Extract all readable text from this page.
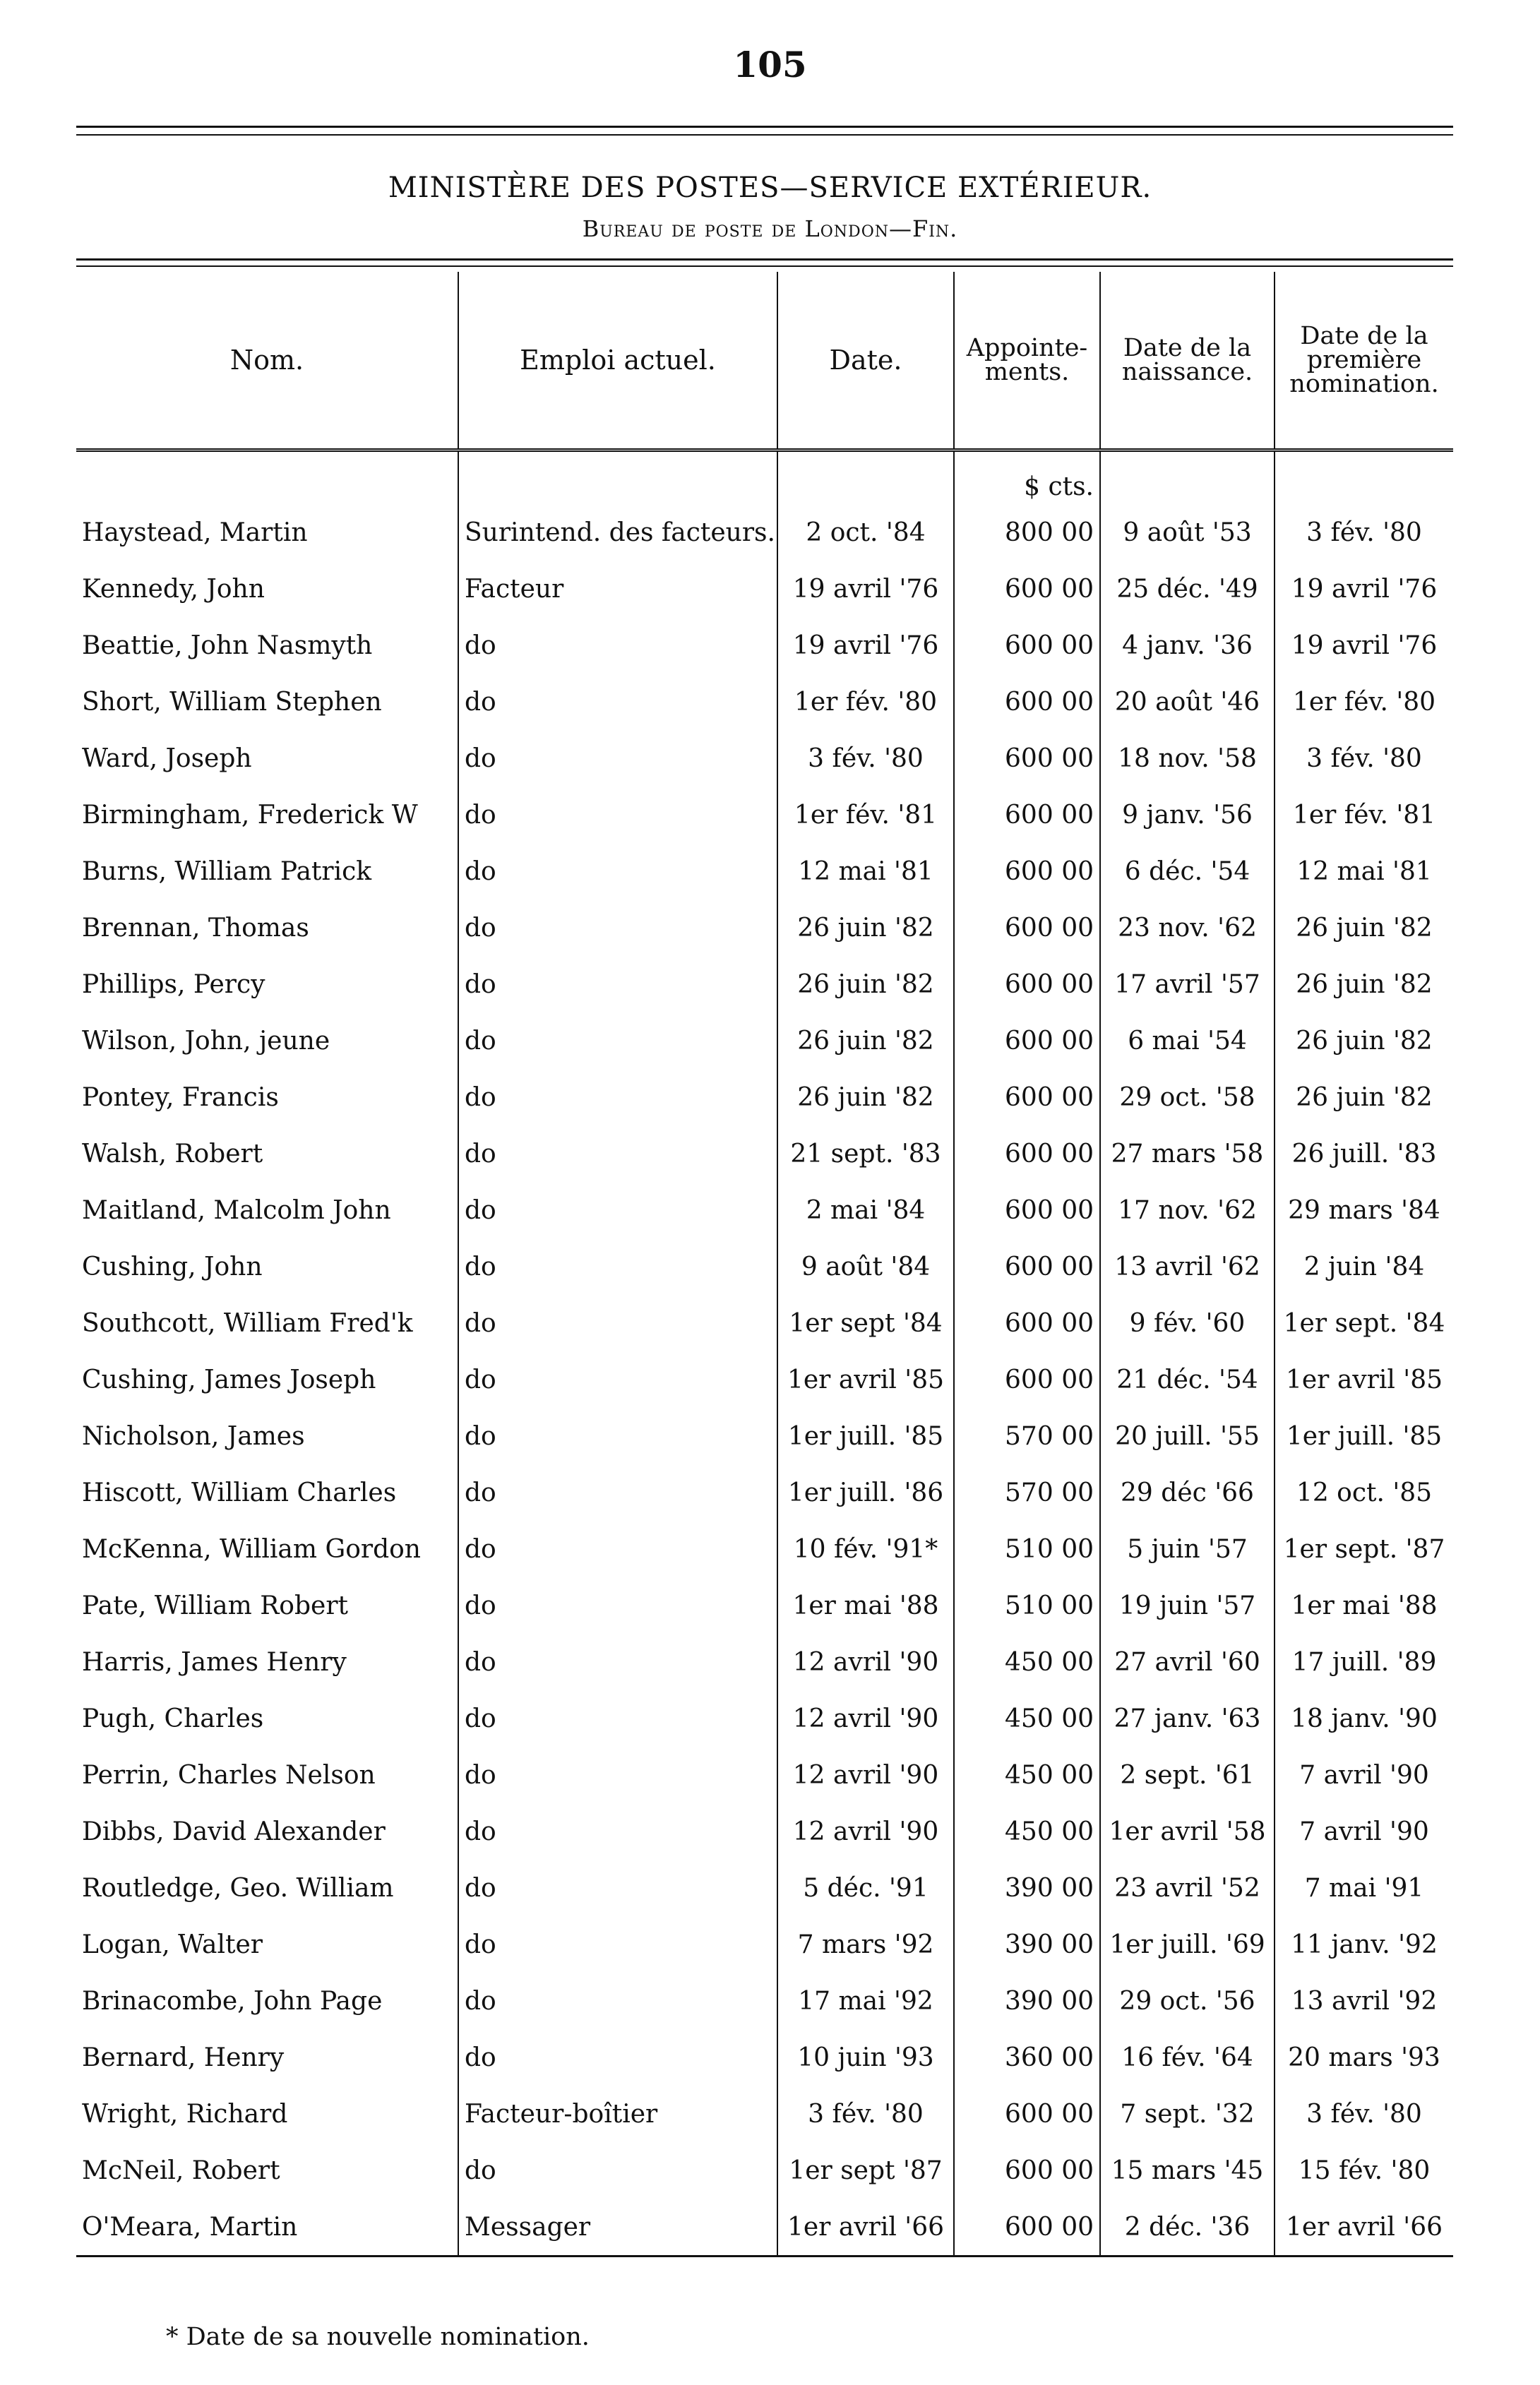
105
MINISTÈRE DES POSTES—SERVICE EXTÉRIEUR.
Bureau de poste de London—Fin.
Nom.	Emploi actuel.	Date.	Appointe- ments.	Date de la naissance.	Date de la première nomination.
			$ cts.		
Haystead, Martin	Surintend. des facteurs.	2 oct. '84	800 00	9 août '53	3 fév. '80
Kennedy, John	Facteur	19 avril '76	600 00	25 déc. '49	19 avril '76
Beattie, John Nasmyth	do	19 avril '76	600 00	4 janv. '36	19 avril '76
Short, William Stephen	do	1er fév. '80	600 00	20 août '46	1er fév. '80
Ward, Joseph	do	3 fév. '80	600 00	18 nov. '58	3 fév. '80
Birmingham, Frederick W	do	1er fév. '81	600 00	9 janv. '56	1er fév. '81
Burns, William Patrick	do	12 mai '81	600 00	6 déc. '54	12 mai '81
Brennan, Thomas	do	26 juin '82	600 00	23 nov. '62	26 juin '82
Phillips, Percy	do	26 juin '82	600 00	17 avril '57	26 juin '82
Wilson, John, jeune	do	26 juin '82	600 00	6 mai '54	26 juin '82
Pontey, Francis	do	26 juin '82	600 00	29 oct. '58	26 juin '82
Walsh, Robert	do	21 sept. '83	600 00	27 mars '58	26 juill. '83
Maitland, Malcolm John	do	2 mai '84	600 00	17 nov. '62	29 mars '84
Cushing, John	do	9 août '84	600 00	13 avril '62	2 juin '84
Southcott, William Fred'k	do	1er sept '84	600 00	9 fév. '60	1er sept. '84
Cushing, James Joseph	do	1er avril '85	600 00	21 déc. '54	1er avril '85
Nicholson, James	do	1er juill. '85	570 00	20 juill. '55	1er juill. '85
Hiscott, William Charles	do	1er juill. '86	570 00	29 déc '66	12 oct. '85
McKenna, William Gordon	do	10 fév. '91*	510 00	5 juin '57	1er sept. '87
Pate, William Robert	do	1er mai '88	510 00	19 juin '57	1er mai '88
Harris, James Henry	do	12 avril '90	450 00	27 avril '60	17 juill. '89
Pugh, Charles	do	12 avril '90	450 00	27 janv. '63	18 janv. '90
Perrin, Charles Nelson	do	12 avril '90	450 00	2 sept. '61	7 avril '90
Dibbs, David Alexander	do	12 avril '90	450 00	1er avril '58	7 avril '90
Routledge, Geo. William	do	5 déc. '91	390 00	23 avril '52	7 mai '91
Logan, Walter	do	7 mars '92	390 00	1er juill. '69	11 janv. '92
Brinacombe, John Page	do	17 mai '92	390 00	29 oct. '56	13 avril '92
Bernard, Henry	do	10 juin '93	360 00	16 fév. '64	20 mars '93
Wright, Richard	Facteur-boîtier	3 fév. '80	600 00	7 sept. '32	3 fév. '80
McNeil, Robert	do	1er sept '87	600 00	15 mars '45	15 fév. '80
O'Meara, Martin	Messager	1er avril '66	600 00	2 déc. '36	1er avril '66
* Date de sa nouvelle nomination.
